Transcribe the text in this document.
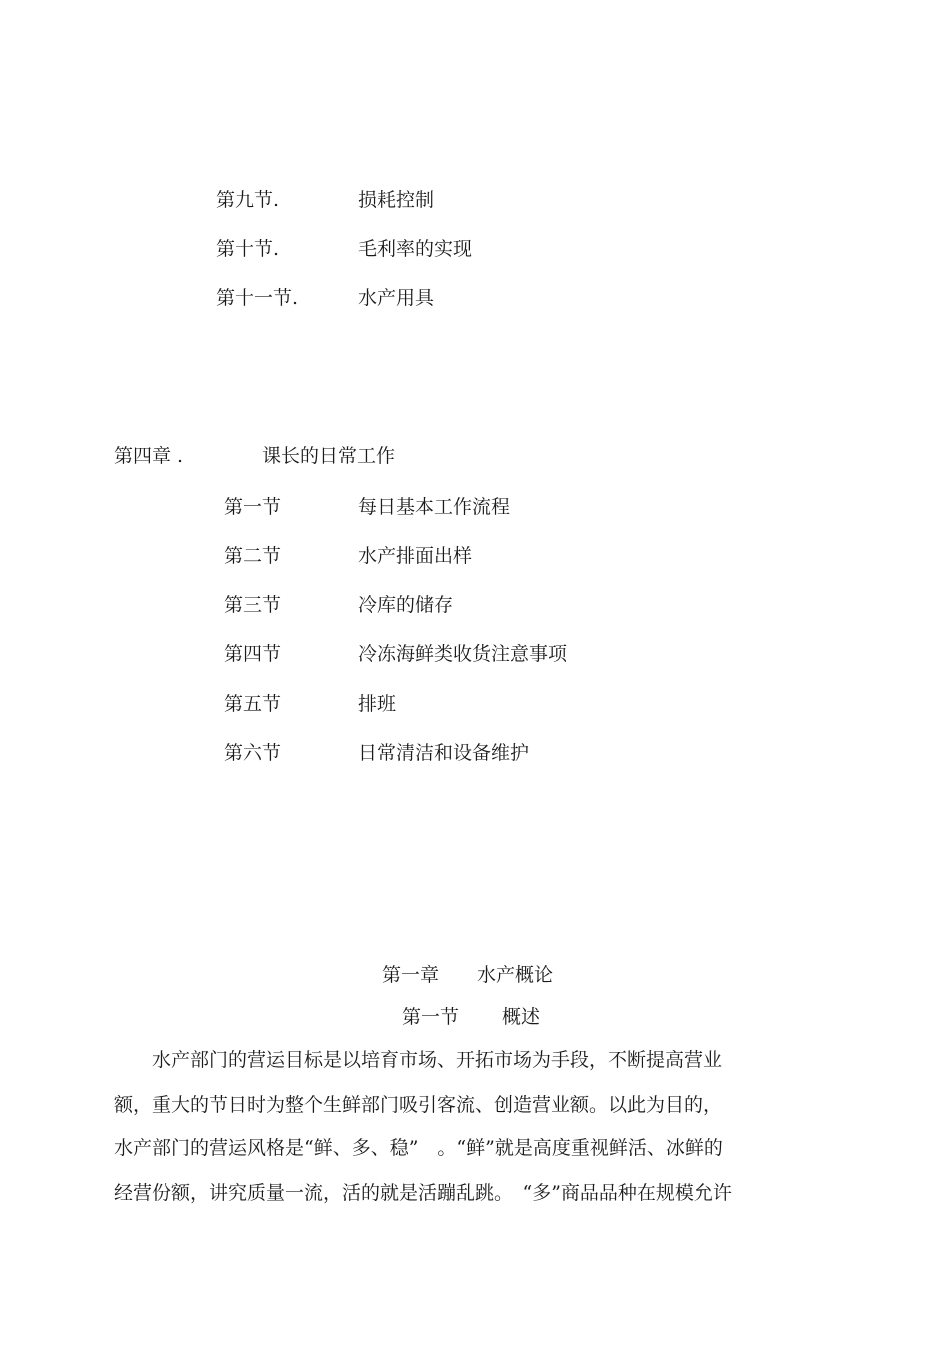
第九节.	损耗控制
第十节.	毛利率的实现
第十一节.	水产用具
第四章 .	课长的日常工作
第一节	每日基本工作流程
第二节	水产排面出样
第三节	冷库的储存
第四节	冷冻海鲜类收货注意事项
第五节	排班
第六节	日常清洁和设备维护
第一章 水产概论
第一节 概述
水产部门的营运目标是以培育市场、开拓市场为手段，不断提高营业
额，重大的节日时为整个生鲜部门吸引客流、创造营业额。以此为目的，
水产部门的营运风格是“鲜、多、稳”　。“鲜”就是高度重视鲜活、冰鲜的
经营份额，讲究质量一流，活的就是活蹦乱跳。　“多”商品品种在规模允许
